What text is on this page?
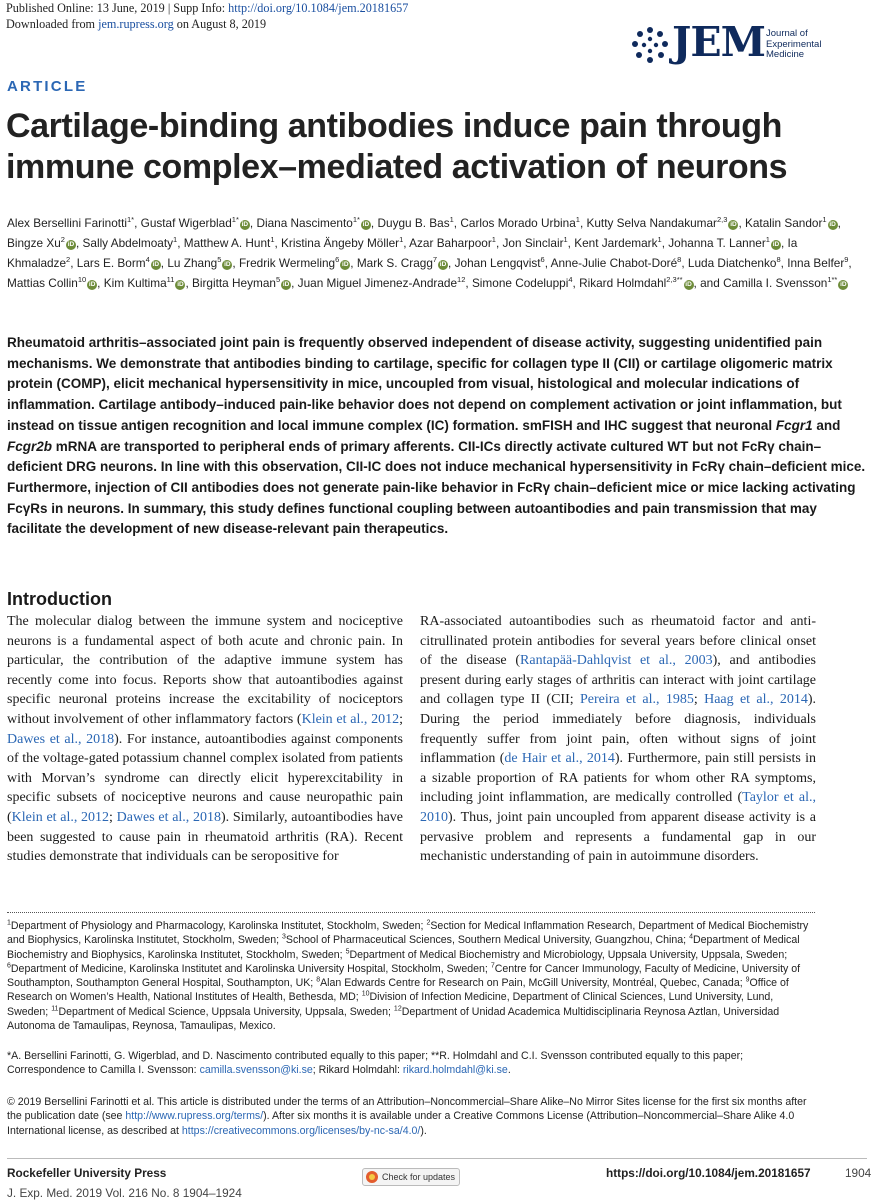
Published Online: 13 June, 2019 | Supp Info: http://doi.org/10.1084/jem.20181657
Downloaded from jem.rupress.org on August 8, 2019	JEM Journal of
Experimental
Medicine
ARTICLE
Cartilage-binding antibodies induce pain through immune complex–mediated activation of neurons
Alex Bersellini Farinotti$^{1*}$, Gustaf Wigerblad$^{1*}$iD , Diana Nascimento$^{1*}$iD , Duygu B. Bas$^1$, Carlos Morado Urbina$^1$, Kutty Selva Nandakumar$^{2,3}$iD , Katalin Sandor$^1$iD , Bingze Xu$^2$iD , Sally Abdelmoaty$^1$, Matthew A. Hunt$^1$, Kristina Ängeby Möller$^1$, Azar Baharpoor$^1$, Jon Sinclair$^1$, Kent Jardemark$^1$, Johanna T. Lanner$^1$iD , Ia Khmaladze$^2$, Lars E. Borm$^4$iD , Lu Zhang$^5$iD , Fredrik Wermeling$^6$iD , Mark S. Cragg$^7$iD , Johan Lengqvist$^6$, Anne-Julie Chabot-Doré$^8$, Luda Diatchenko$^8$, Inna Belfer$^9$, Mattias Collin$^{10}$iD , Kim Kultima$^{11}$iD , Birgitta Heyman$^5$iD , Juan Miguel Jimenez-Andrade$^{12}$, Simone Codeluppi$^4$, Rikard Holmdahl$^{2,3**}$iD , and Camilla I. Svensson$^{1**}$iD
Rheumatoid arthritis–associated joint pain is frequently observed independent of disease activity, suggesting unidentified pain mechanisms. We demonstrate that antibodies binding to cartilage, specific for collagen type II (CII) or cartilage oligomeric matrix protein (COMP), elicit mechanical hypersensitivity in mice, uncoupled from visual, histological and molecular indications of inflammation. Cartilage antibody–induced pain-like behavior does not depend on complement activation or joint inflammation, but instead on tissue antigen recognition and local immune complex (IC) formation. smFISH and IHC suggest that neuronal Fcgr1 and Fcgr2b mRNA are transported to peripheral ends of primary afferents. CII-ICs directly activate cultured WT but not FcRγ chain–deficient DRG neurons. In line with this observation, CII-IC does not induce mechanical hypersensitivity in FcRγ chain–deficient mice. Furthermore, injection of CII antibodies does not generate pain-like behavior in FcRγ chain–deficient mice or mice lacking activating FcγRs in neurons. In summary, this study defines functional coupling between autoantibodies and pain transmission that may facilitate the development of new disease-relevant pain therapeutics.
Introduction
The molecular dialog between the immune system and nociceptive neurons is a fundamental aspect of both acute and chronic pain. In particular, the contribution of the adaptive immune system has recently come into focus. Reports show that autoantibodies against specific neuronal proteins increase the excitability of nociceptors without involvement of other inflammatory factors (Klein et al., 2012; Dawes et al., 2018). For instance, autoantibodies against components of the voltage-gated potassium channel complex isolated from patients with Morvan’s syndrome can directly elicit hyperexcitability in specific subsets of nociceptive neurons and cause neuropathic pain (Klein et al., 2012; Dawes et al., 2018). Similarly, autoantibodies have been suggested to cause pain in rheumatoid arthritis (RA). Recent studies demonstrate that individuals can be seropositive for
RA-associated autoantibodies such as rheumatoid factor and anti-citrullinated protein antibodies for several years before clinical onset of the disease (Rantapää-Dahlqvist et al., 2003), and antibodies present during early stages of arthritis can interact with joint cartilage and collagen type II (CII; Pereira et al., 1985; Haag et al., 2014). During the period immediately before diagnosis, individuals frequently suffer from joint pain, often without signs of joint inflammation (de Hair et al., 2014). Furthermore, pain still persists in a sizable proportion of RA patients for whom other RA symptoms, including joint inflammation, are medically controlled (Taylor et al., 2010). Thus, joint pain uncoupled from apparent disease activity is a pervasive problem and represents a fundamental gap in our mechanistic understanding of pain in autoimmune disorders.
$^1$Department of Physiology and Pharmacology, Karolinska Institutet, Stockholm, Sweden; $^2$Section for Medical Inflammation Research, Department of Medical Biochemistry and Biophysics, Karolinska Institutet, Stockholm, Sweden; $^3$School of Pharmaceutical Sciences, Southern Medical University, Guangzhou, China; $^4$Department of Medical Biochemistry and Biophysics, Karolinska Institutet, Stockholm, Sweden; $^5$Department of Medical Biochemistry and Microbiology, Uppsala University, Uppsala, Sweden; $^6$Department of Medicine, Karolinska Institutet and Karolinska University Hospital, Stockholm, Sweden; $^7$Centre for Cancer Immunology, Faculty of Medicine, University of Southampton, Southampton General Hospital, Southampton, UK; $^8$Alan Edwards Centre for Research on Pain, McGill University, Montréal, Quebec, Canada; $^9$Office of Research on Women’s Health, National Institutes of Health, Bethesda, MD; $^{10}$Division of Infection Medicine, Department of Clinical Sciences, Lund University, Lund, Sweden; $^{11}$Department of Medical Science, Uppsala University, Uppsala, Sweden; $^{12}$Department of Unidad Academica Multidisciplinaria Reynosa Aztlan, Universidad Autonoma de Tamaulipas, Reynosa, Tamaulipas, Mexico.
*A. Bersellini Farinotti, G. Wigerblad, and D. Nascimento contributed equally to this paper; **R. Holmdahl and C.I. Svensson contributed equally to this paper; Correspondence to Camilla I. Svensson: camilla.svensson@ki.se; Rikard Holmdahl: rikard.holmdahl@ki.se.
© 2019 Bersellini Farinotti et al. This article is distributed under the terms of an Attribution–Noncommercial–Share Alike–No Mirror Sites license for the first six months after the publication date (see http://www.rupress.org/terms/). After six months it is available under a Creative Commons License (Attribution–Noncommercial–Share Alike 4.0 International license, as described at https://creativecommons.org/licenses/by-nc-sa/4.0/).
Rockefeller University Press
J. Exp. Med. 2019 Vol. 216 No. 8 1904–1924
Check for updates	https://doi.org/10.1084/jem.20181657	1904
